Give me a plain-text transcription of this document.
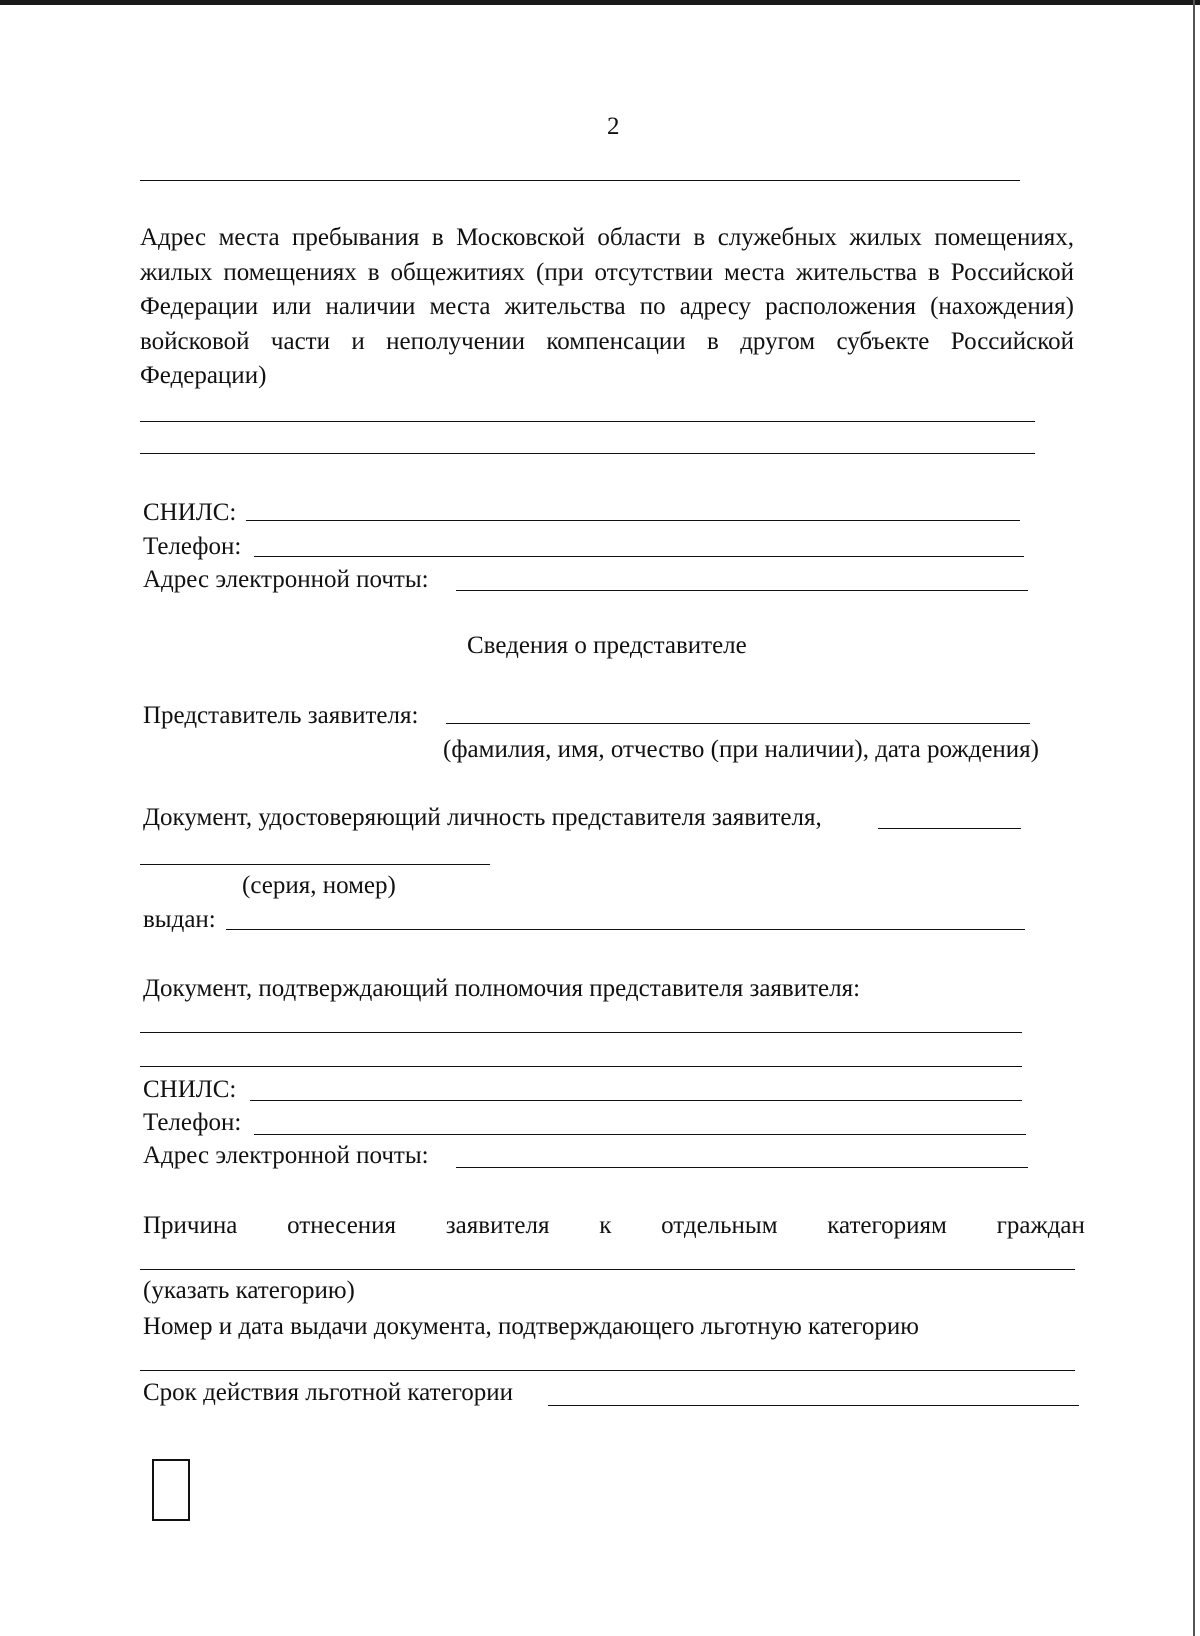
2
Адрес места пребывания в Московской области в служебных жилых помещениях,
жилых помещениях в общежитиях (при отсутствии места жительства в Российской
Федерации или наличии места жительства по адресу расположения (нахождения)
войсковой части и неполучении компенсации в другом субъекте Российской
Федерации)
СНИЛС:
Телефон:
Адрес электронной почты:
Сведения о представителе
Представитель заявителя:
(фамилия, имя, отчество (при наличии), дата рождения)
Документ, удостоверяющий личность представителя заявителя,
(серия, номер)
выдан:
Документ, подтверждающий полномочия представителя заявителя:
СНИЛС:
Телефон:
Адрес электронной почты:
Причина отнесения заявителя к отдельным категориям граждан
(указать категорию)
Номер и дата выдачи документа, подтверждающего льготную категорию
Срок действия льготной категории
